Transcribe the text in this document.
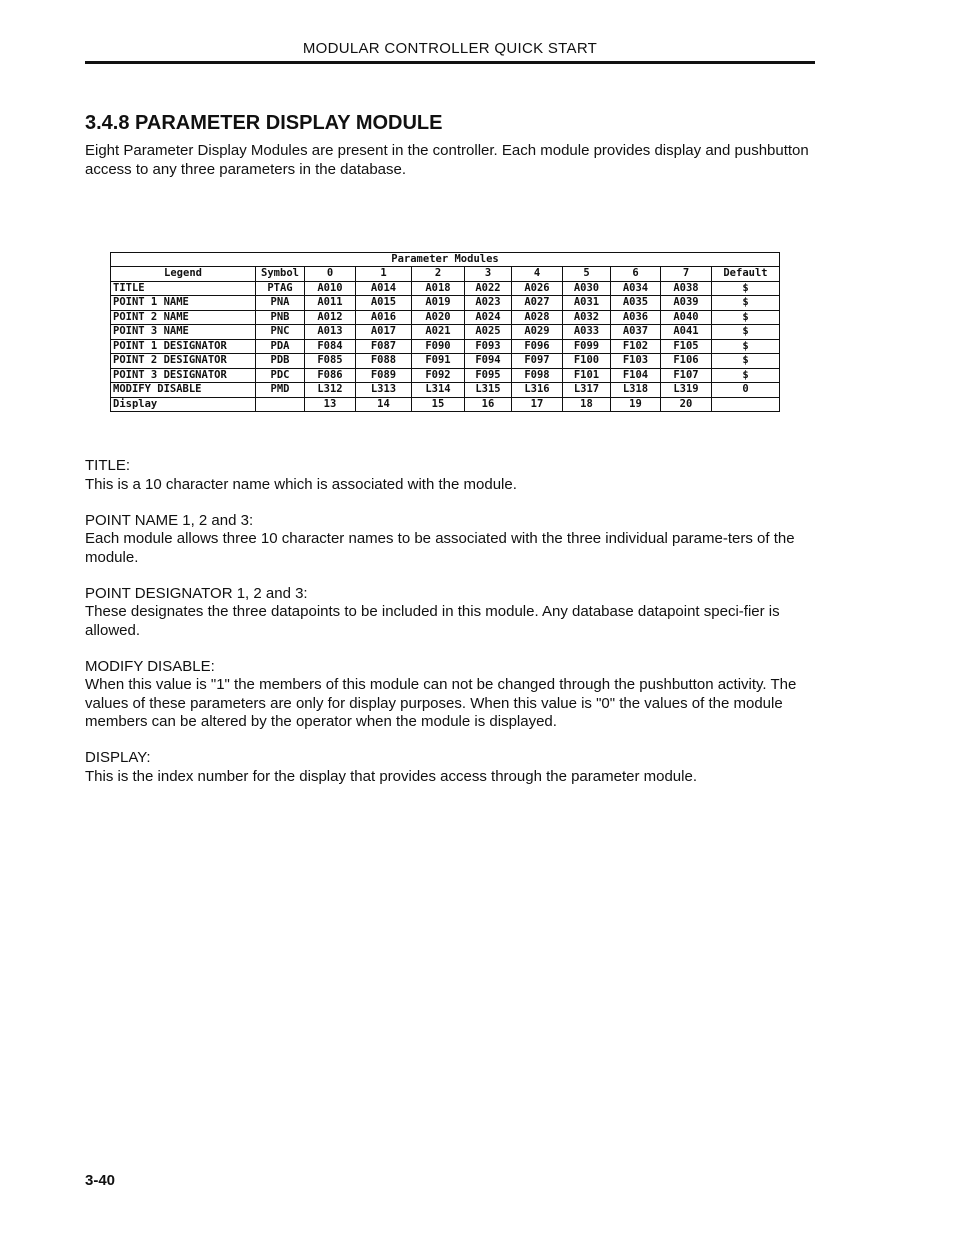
MODULAR CONTROLLER QUICK START
3.4.8 PARAMETER DISPLAY MODULE

Eight Parameter Display Modules are present in the controller. Each module provides display and pushbutton access to any three parameters in the database.

Parameter Modules										
Legend	Symbol	0	1	2	3	4	5	6	7	Default
TITLE	PTAG	A010	A014	A018	A022	A026	A030	A034	A038	$
POINT 1 NAME	PNA	A011	A015	A019	A023	A027	A031	A035	A039	$
POINT 2 NAME	PNB	A012	A016	A020	A024	A028	A032	A036	A040	$
POINT 3 NAME	PNC	A013	A017	A021	A025	A029	A033	A037	A041	$
POINT 1 DESIGNATOR	PDA	F084	F087	F090	F093	F096	F099	F102	F105	$
POINT 2 DESIGNATOR	PDB	F085	F088	F091	F094	F097	F100	F103	F106	$
POINT 3 DESIGNATOR	PDC	F086	F089	F092	F095	F098	F101	F104	F107	$
MODIFY DISABLE	PMD	L312	L313	L314	L315	L316	L317	L318	L319	0
Display		13	14	15	16	17	18	19	20	

TITLE:

This is a 10 character name which is associated with the module.

POINT NAME 1, 2 and 3:

Each module allows three 10 character names to be associated with the three individual parame-ters of the module.

POINT DESIGNATOR 1, 2 and 3:

These designates the three datapoints to be included in this module. Any database datapoint speci-fier is allowed.

MODIFY DISABLE:

When this value is "1" the members of this module can not be changed through the pushbutton activity. The values of these parameters are only for display purposes. When this value is "0" the values of the module members can be altered by the operator when the module is displayed.

DISPLAY:

This is the index number for the display that provides access through the parameter module.

3-40
